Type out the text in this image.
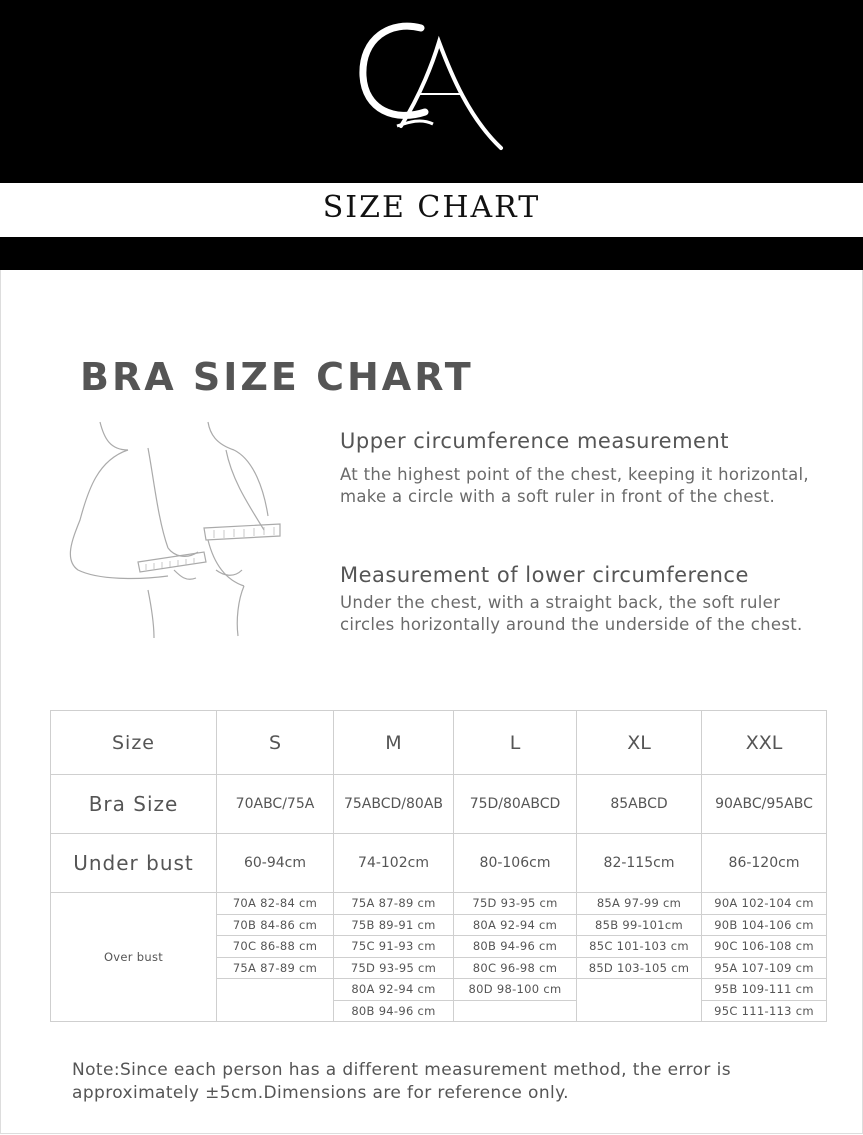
SIZE CHART
BRA SIZE CHART
Upper circumference measurement
At the highest point of the chest, keeping it horizontal, make a circle with a soft ruler in front of the chest.
Measurement of lower circumference
Under the chest, with a straight back, the soft ruler circles horizontally around the underside of the chest.
Size	S	M	L	XL	XXL
Bra Size	70ABC/75A	75ABCD/80AB	75D/80ABCD	85ABCD	90ABC/95ABC
Under bust	60-94cm	74-102cm	80-106cm	82-115cm	86-120cm
Over bust	70A 82-84 cm	75A 87-89 cm	75D 93-95 cm	85A 97-99 cm	90A 102-104 cm
	70B 84-86 cm	75B 89-91 cm	80A 92-94 cm	85B 99-101cm	90B 104-106 cm
	70C 86-88 cm	75C 91-93 cm	80B 94-96 cm	85C 101-103 cm	90C 106-108 cm
	75A 87-89 cm	75D 93-95 cm	80C 96-98 cm	85D 103-105 cm	95A 107-109 cm
		80A 92-94 cm	80D 98-100 cm		95B 109-111 cm
		80B 94-96 cm			95C 111-113 cm
Note:Since each person has a different measurement method, the error is approximately ±5cm.Dimensions are for reference only.
